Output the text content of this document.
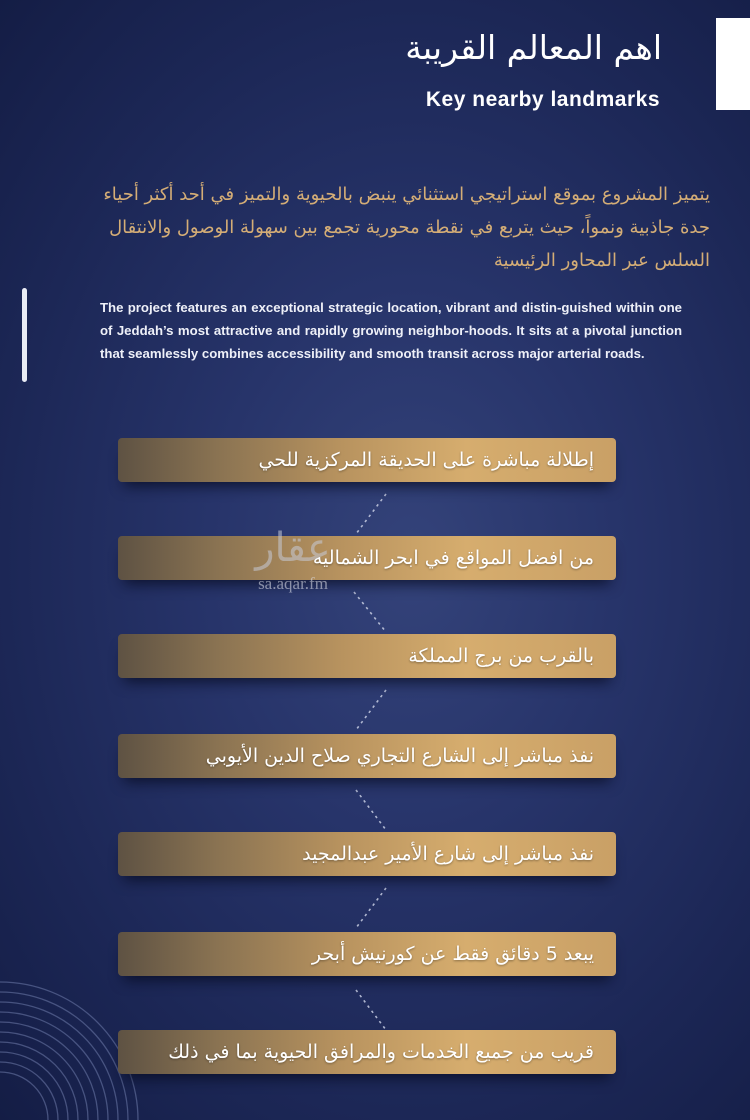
اهم المعالم القريبة
Key nearby landmarks

يتميز المشروع بموقع استراتيجي استثنائي ينبض بالحيوية والتميز في أحد أكثر أحياء جدة جاذبية ونمواً، حيث يتربع في نقطة محورية تجمع بين سهولة الوصول والانتقال السلس عبر المحاور الرئيسية

The project features an exceptional strategic location, vibrant and distin-guished within one of Jeddah’s most attractive and rapidly growing neighbor-hoods. It sits at a pivotal junction that seamlessly combines accessibility and smooth transit across major arterial roads.

إطلالة مباشرة على الحديقة المركزية للحي
من افضل المواقع في ابحر الشماليه
بالقرب من برج المملكة
نفذ مباشر إلى الشارع التجاري صلاح الدين الأيوبي
نفذ مباشر إلى شارع الأمير عبدالمجيد
يبعد 5 دقائق فقط عن كورنيش أبحر
قريب من جميع الخدمات والمرافق الحيوية بما في ذلك
عقار
sa.aqar.fm
